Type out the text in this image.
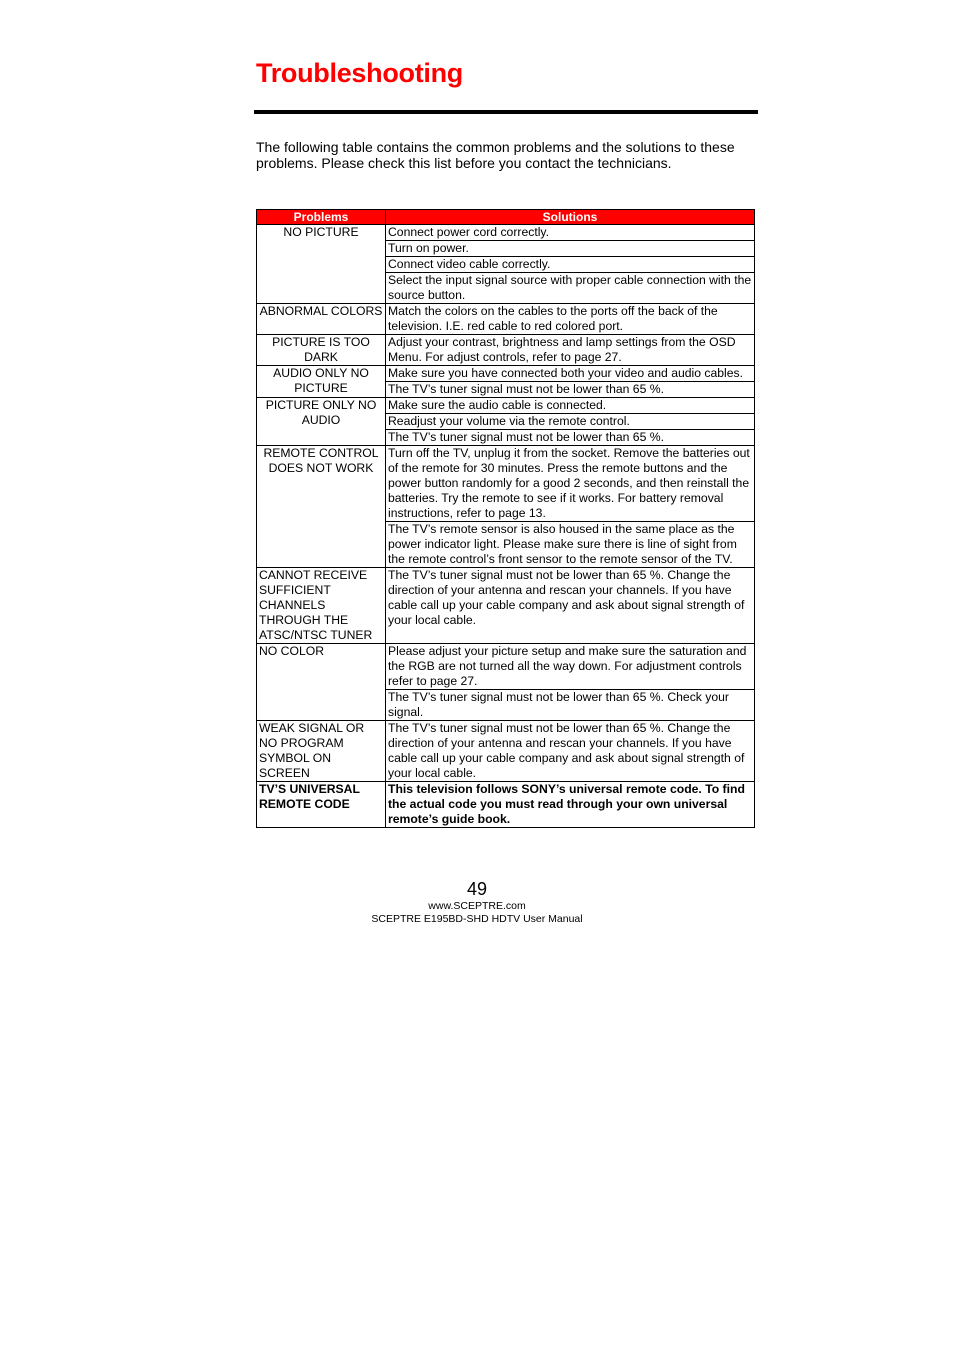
Troubleshooting

The following table contains the common problems and the solutions to these problems. Please check this list before you contact the technicians.

Problems	Solutions
NO PICTURE	Connect power cord correctly.
	Turn on power.
	Connect video cable correctly.
	Select the input signal source with proper cable connection with the source button.
ABNORMAL COLORS	Match the colors on the cables to the ports off the back of the television. I.E. red cable to red colored port.
PICTURE IS TOO DARK	Adjust your contrast, brightness and lamp settings from the OSD Menu. For adjust controls, refer to page 27.
AUDIO ONLY NO PICTURE	Make sure you have connected both your video and audio cables.
	The TV’s tuner signal must not be lower than 65 %.
PICTURE ONLY NO AUDIO	Make sure the audio cable is connected.
	Readjust your volume via the remote control.
	The TV’s tuner signal must not be lower than 65 %.
REMOTE CONTROL DOES NOT WORK	Turn off the TV, unplug it from the socket. Remove the batteries out of the remote for 30 minutes. Press the remote buttons and the power button randomly for a good 2 seconds, and then reinstall the batteries. Try the remote to see if it works. For battery removal instructions, refer to page 13.
	The TV’s remote sensor is also housed in the same place as the power indicator light. Please make sure there is line of sight from the remote control’s front sensor to the remote sensor of the TV.
CANNOT RECEIVE SUFFICIENT CHANNELS THROUGH THE ATSC/NTSC TUNER	The TV’s tuner signal must not be lower than 65 %. Change the direction of your antenna and rescan your channels. If you have cable call up your cable company and ask about signal strength of your local cable.
NO COLOR	Please adjust your picture setup and make sure the saturation and the RGB are not turned all the way down. For adjustment controls refer to page 27.
	The TV’s tuner signal must not be lower than 65 %. Check your signal.
WEAK SIGNAL OR NO PROGRAM SYMBOL ON SCREEN	The TV’s tuner signal must not be lower than 65 %. Change the direction of your antenna and rescan your channels. If you have cable call up your cable company and ask about signal strength of your local cable.
TV’S UNIVERSAL REMOTE CODE	This television follows SONY’s universal remote code. To find the actual code you must read through your own universal remote’s guide book.
49
www.SCEPTRE.com
SCEPTRE E195BD-SHD HDTV User Manual
